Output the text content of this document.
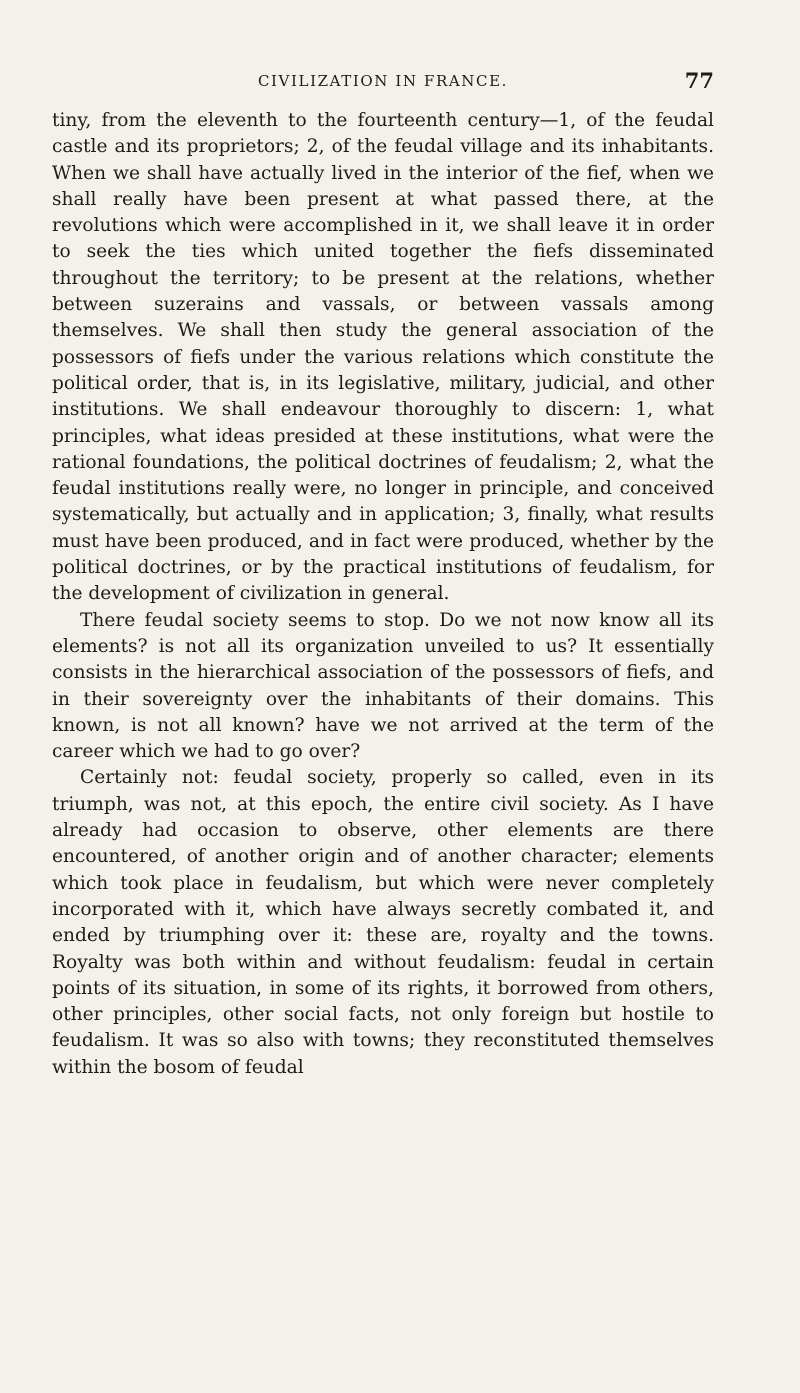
CIVILIZATION IN FRANCE.	77

tiny, from the eleventh to the fourteenth century—1, of the feudal castle and its proprietors; 2, of the feudal village and its inhabitants. When we shall have actually lived in the interior of the fief, when we shall really have been present at what passed there, at the revolutions which were accomplished in it, we shall leave it in order to seek the ties which united together the fiefs disseminated throughout the territory; to be present at the relations, whether between suzerains and vassals, or between vassals among themselves. We shall then study the general association of the possessors of fiefs under the various relations which constitute the political order, that is, in its legislative, military, judicial, and other institutions. We shall endeavour thoroughly to discern: 1, what principles, what ideas presided at these institutions, what were the rational foundations, the political doctrines of feudalism; 2, what the feudal institutions really were, no longer in principle, and conceived systematically, but actually and in application; 3, finally, what results must have been produced, and in fact were produced, whether by the political doctrines, or by the practical institutions of feudalism, for the development of civilization in general.

There feudal society seems to stop. Do we not now know all its elements? is not all its organization unveiled to us? It essentially consists in the hierarchical association of the possessors of fiefs, and in their sovereignty over the inhabitants of their domains. This known, is not all known? have we not arrived at the term of the career which we had to go over?

Certainly not: feudal society, properly so called, even in its triumph, was not, at this epoch, the entire civil society. As I have already had occasion to observe, other elements are there encountered, of another origin and of another character; elements which took place in feudalism, but which were never completely incorporated with it, which have always secretly combated it, and ended by triumphing over it: these are, royalty and the towns. Royalty was both within and without feudalism: feudal in certain points of its situation, in some of its rights, it borrowed from others, other principles, other social facts, not only foreign but hostile to feudalism. It was so also with towns; they reconstituted themselves within the bosom of feudal
